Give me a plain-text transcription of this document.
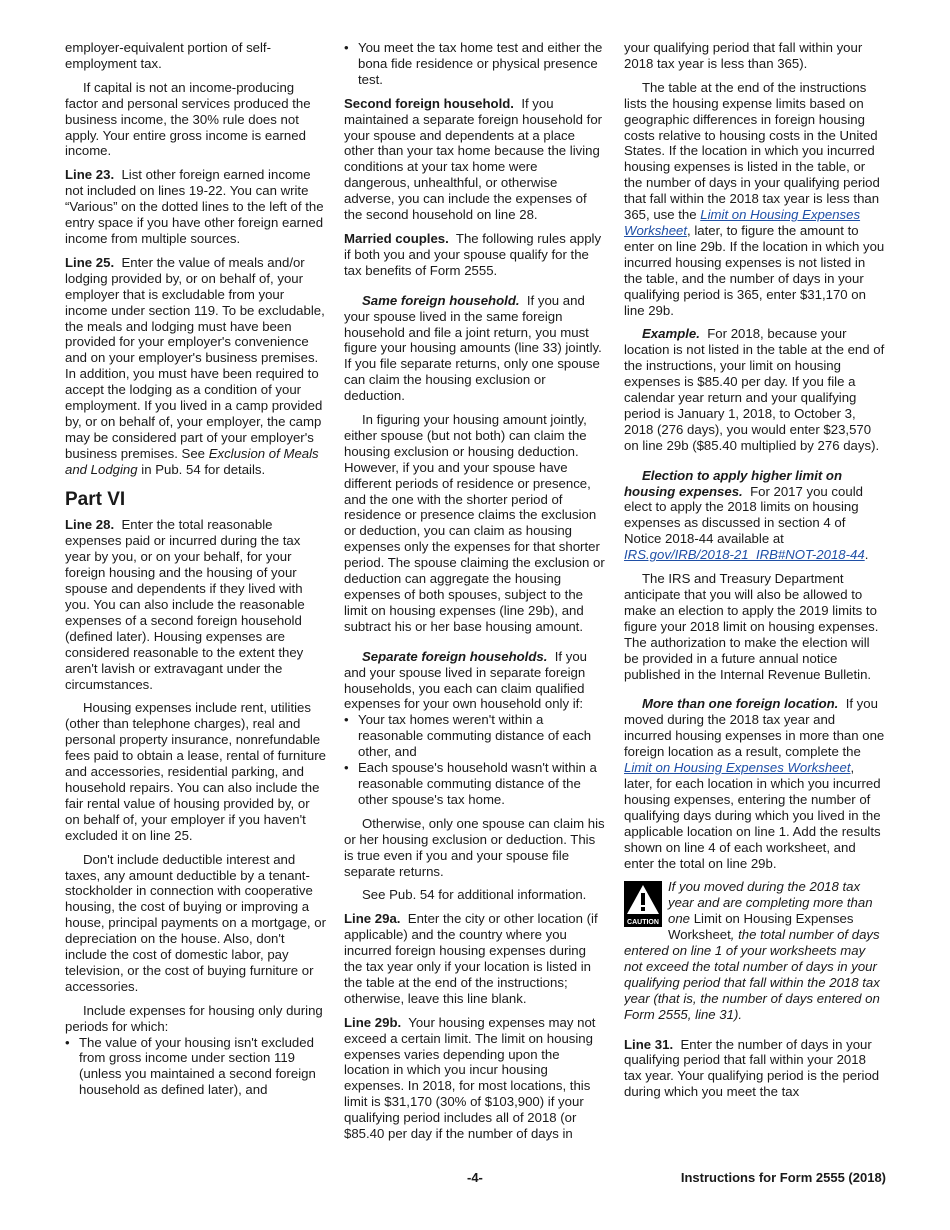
employer-equivalent portion of self-employment tax.

If capital is not an income-producing factor and personal services produced the business income, the 30% rule does not apply. Your entire gross income is earned income.

Line 23. List other foreign earned income not included on lines 19-22. You can write “Various” on the dotted lines to the left of the entry space if you have other foreign earned income from multiple sources.

Line 25. Enter the value of meals and/or lodging provided by, or on behalf of, your employer that is excludable from your income under section 119. To be excludable, the meals and lodging must have been provided for your employer's convenience and on your employer's business premises. In addition, you must have been required to accept the lodging as a condition of your employment. If you lived in a camp provided by, or on behalf of, your employer, the camp may be considered part of your employer's business premises. See Exclusion of Meals and Lodging in Pub. 54 for details.

Part VI

Line 28. Enter the total reasonable expenses paid or incurred during the tax year by you, or on your behalf, for your foreign housing and the housing of your spouse and dependents if they lived with you. You can also include the reasonable expenses of a second foreign household (defined later). Housing expenses are considered reasonable to the extent they aren't lavish or extravagant under the circumstances.

Housing expenses include rent, utilities (other than telephone charges), real and personal property insurance, nonrefundable fees paid to obtain a lease, rental of furniture and accessories, residential parking, and household repairs. You can also include the fair rental value of housing provided by, or on behalf of, your employer if you haven't excluded it on line 25.

Don't include deductible interest and taxes, any amount deductible by a tenant-stockholder in connection with cooperative housing, the cost of buying or improving a house, principal payments on a mortgage, or depreciation on the house. Also, don't include the cost of domestic labor, pay television, or the cost of buying furniture or accessories.

Include expenses for housing only during periods for which:

• The value of your housing isn't excluded from gross income under section 119 (unless you maintained a second foreign household as defined later), and

• You meet the tax home test and either the bona fide residence or physical presence test.

Second foreign household. If you maintained a separate foreign household for your spouse and dependents at a place other than your tax home because the living conditions at your tax home were dangerous, unhealthful, or otherwise adverse, you can include the expenses of the second household on line 28.

Married couples. The following rules apply if both you and your spouse qualify for the tax benefits of Form 2555.

Same foreign household. If you and your spouse lived in the same foreign household and file a joint return, you must figure your housing amounts (line 33) jointly. If you file separate returns, only one spouse can claim the housing exclusion or deduction.

In figuring your housing amount jointly, either spouse (but not both) can claim the housing exclusion or housing deduction. However, if you and your spouse have different periods of residence or presence, and the one with the shorter period of residence or presence claims the exclusion or deduction, you can claim as housing expenses only the expenses for that shorter period. The spouse claiming the exclusion or deduction can aggregate the housing expenses of both spouses, subject to the limit on housing expenses (line 29b), and subtract his or her base housing amount.

Separate foreign households. If you and your spouse lived in separate foreign households, you each can claim qualified expenses for your own household only if:

• Your tax homes weren't within a reasonable commuting distance of each other, and

• Each spouse's household wasn't within a reasonable commuting distance of the other spouse's tax home.

Otherwise, only one spouse can claim his or her housing exclusion or deduction. This is true even if you and your spouse file separate returns.

See Pub. 54 for additional information.

Line 29a. Enter the city or other location (if applicable) and the country where you incurred foreign housing expenses during the tax year only if your location is listed in the table at the end of the instructions; otherwise, leave this line blank.

Line 29b. Your housing expenses may not exceed a certain limit. The limit on housing expenses varies depending upon the location in which you incur housing expenses. In 2018, for most locations, this limit is $31,170 (30% of $103,900) if your qualifying period includes all of 2018 (or $85.40 per day if the number of days in

your qualifying period that fall within your 2018 tax year is less than 365).

The table at the end of the instructions lists the housing expense limits based on geographic differences in foreign housing costs relative to housing costs in the United States. If the location in which you incurred housing expenses is listed in the table, or the number of days in your qualifying period that fall within the 2018 tax year is less than 365, use the Limit on Housing Expenses Worksheet, later, to figure the amount to enter on line 29b. If the location in which you incurred housing expenses is not listed in the table, and the number of days in your qualifying period is 365, enter $31,170 on line 29b.

Example. For 2018, because your location is not listed in the table at the end of the instructions, your limit on housing expenses is $85.40 per day. If you file a calendar year return and your qualifying period is January 1, 2018, to October 3, 2018 (276 days), you would enter $23,570 on line 29b ($85.40 multiplied by 276 days).

Election to apply higher limit on housing expenses. For 2017 you could elect to apply the 2018 limits on housing expenses as discussed in section 4 of Notice 2018-44 available at IRS.gov/IRB/2018-21_IRB#NOT-2018-44.

The IRS and Treasury Department anticipate that you will also be allowed to make an election to apply the 2019 limits to figure your 2018 limit on housing expenses. The authorization to make the election will be provided in a future annual notice published in the Internal Revenue Bulletin.

More than one foreign location. If you moved during the 2018 tax year and incurred housing expenses in more than one foreign location as a result, complete the Limit on Housing Expenses Worksheet, later, for each location in which you incurred housing expenses, entering the number of qualifying days during which you lived in the applicable location on line 1. Add the results shown on line 4 of each worksheet, and enter the total on line 29b.

CAUTION
If you moved during the 2018 tax year and are completing more than one Limit on Housing Expenses Worksheet, the total number of days entered on line 1 of your worksheets may not exceed the total number of days in your qualifying period that fall within the 2018 tax year (that is, the number of days entered on Form 2555, line 31).

Line 31. Enter the number of days in your qualifying period that fall within your 2018 tax year. Your qualifying period is the period during which you meet the tax

-4-	Instructions for Form 2555 (2018)
